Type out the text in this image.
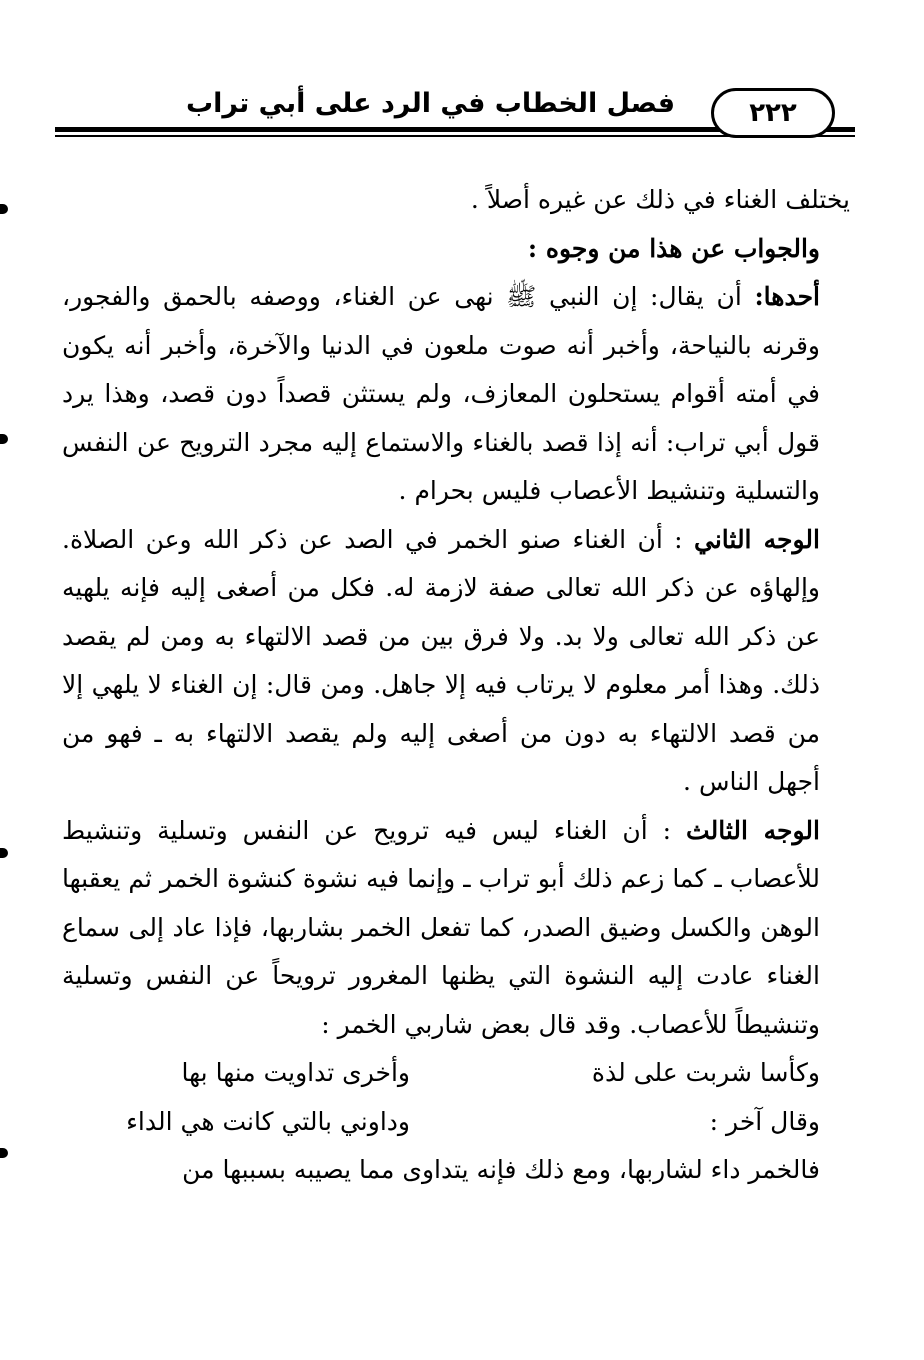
فصل الخطاب في الرد على أبي تراب	٢٢٢

يختلف الغناء في ذلك عن غيره أصلاً .

والجواب عن هذا من وجوه :

أحدها: أن يقال: إن النبي ﷺ نهى عن الغناء، ووصفه بالحمق والفجور، وقرنه بالنياحة، وأخبر أنه صوت ملعون في الدنيا والآخرة، وأخبر أنه يكون في أمته أقوام يستحلون المعازف، ولم يستثن قصداً دون قصد، وهذا يرد قول أبي تراب: أنه إذا قصد بالغناء والاستماع إليه مجرد الترويح عن النفس والتسلية وتنشيط الأعصاب فليس بحرام .

الوجه الثاني : أن الغناء صنو الخمر في الصد عن ذكر الله وعن الصلاة. وإلهاؤه عن ذكر الله تعالى صفة لازمة له. فكل من أصغى إليه فإنه يلهيه عن ذكر الله تعالى ولا بد. ولا فرق بين من قصد الالتهاء به ومن لم يقصد ذلك. وهذا أمر معلوم لا يرتاب فيه إلا جاهل. ومن قال: إن الغناء لا يلهي إلا من قصد الالتهاء به دون من أصغى إليه ولم يقصد الالتهاء به ـ فهو من أجهل الناس .

الوجه الثالث : أن الغناء ليس فيه ترويح عن النفس وتسلية وتنشيط للأعصاب ـ كما زعم ذلك أبو تراب ـ وإنما فيه نشوة كنشوة الخمر ثم يعقبها الوهن والكسل وضيق الصدر، كما تفعل الخمر بشاربها، فإذا عاد إلى سماع الغناء عادت إليه النشوة التي يظنها المغرور ترويحاً عن النفس وتسلية وتنشيطاً للأعصاب. وقد قال بعض شاربي الخمر :

وكأسا شربت على لذة
وأخرى تداويت منها بها
وقال آخر :
وداوني بالتي كانت هي الداء

فالخمر داء لشاربها، ومع ذلك فإنه يتداوى مما يصيبه بسببها من
